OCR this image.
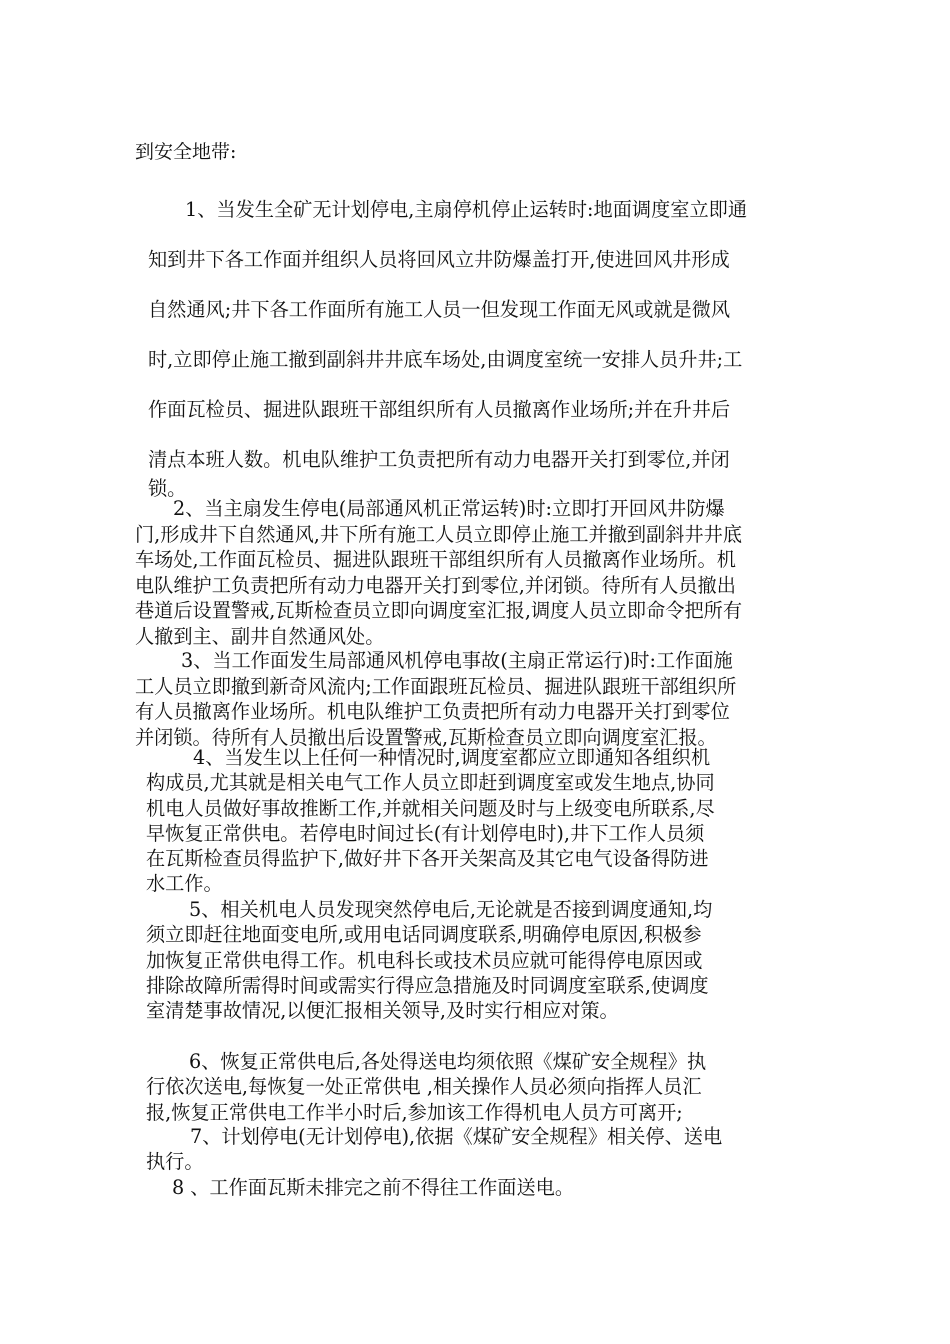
到安全地带:

1、当发生全矿无计划停电,主扇停机停止运转时:地面调度室立即通
知到井下各工作面并组织人员将回风立井防爆盖打开,使进回风井形成
自然通风;井下各工作面所有施工人员一但发现工作面无风或就是微风
时,立即停止施工撤到副斜井井底车场处,由调度室统一安排人员升井;工
作面瓦检员、掘进队跟班干部组织所有人员撤离作业场所;并在升井后
清点本班人数。机电队维护工负责把所有动力电器开关打到零位,并闭
锁。
2、当主扇发生停电(局部通风机正常运转)时:立即打开回风井防爆
门,形成井下自然通风,井下所有施工人员立即停止施工并撤到副斜井井底
车场处,工作面瓦检员、掘进队跟班干部组织所有人员撤离作业场所。机
电队维护工负责把所有动力电器开关打到零位,并闭锁。待所有人员撤出
巷道后设置警戒,瓦斯检查员立即向调度室汇报,调度人员立即命令把所有
人撤到主、副井自然通风处。
3、当工作面发生局部通风机停电事故(主扇正常运行)时:工作面施
工人员立即撤到新奇风流内;工作面跟班瓦检员、掘进队跟班干部组织所
有人员撤离作业场所。机电队维护工负责把所有动力电器开关打到零位
并闭锁。待所有人员撤出后设置警戒,瓦斯检查员立即向调度室汇报。
4、当发生以上任何一种情况时,调度室都应立即通知各组织机
构成员,尤其就是相关电气工作人员立即赶到调度室或发生地点,协同
机电人员做好事故推断工作,并就相关问题及时与上级变电所联系,尽
早恢复正常供电。若停电时间过长(有计划停电时),井下工作人员须
在瓦斯检查员得监护下,做好井下各开关架高及其它电气设备得防进
水工作。
5、相关机电人员发现突然停电后,无论就是否接到调度通知,均
须立即赶往地面变电所,或用电话同调度联系,明确停电原因,积极参
加恢复正常供电得工作。机电科长或技术员应就可能得停电原因或
排除故障所需得时间或需实行得应急措施及时同调度室联系,使调度
室清楚事故情况,以便汇报相关领导,及时实行相应对策。
6、恢复正常供电后,各处得送电均须依照《煤矿安全规程》执
行依次送电,每恢复一处正常供电 ,相关操作人员必须向指挥人员汇
报,恢复正常供电工作半小时后,参加该工作得机电人员方可离开;
7、计划停电(无计划停电),依据《煤矿安全规程》相关停、送电
执行。

8 、工作面瓦斯未排完之前不得往工作面送电。
